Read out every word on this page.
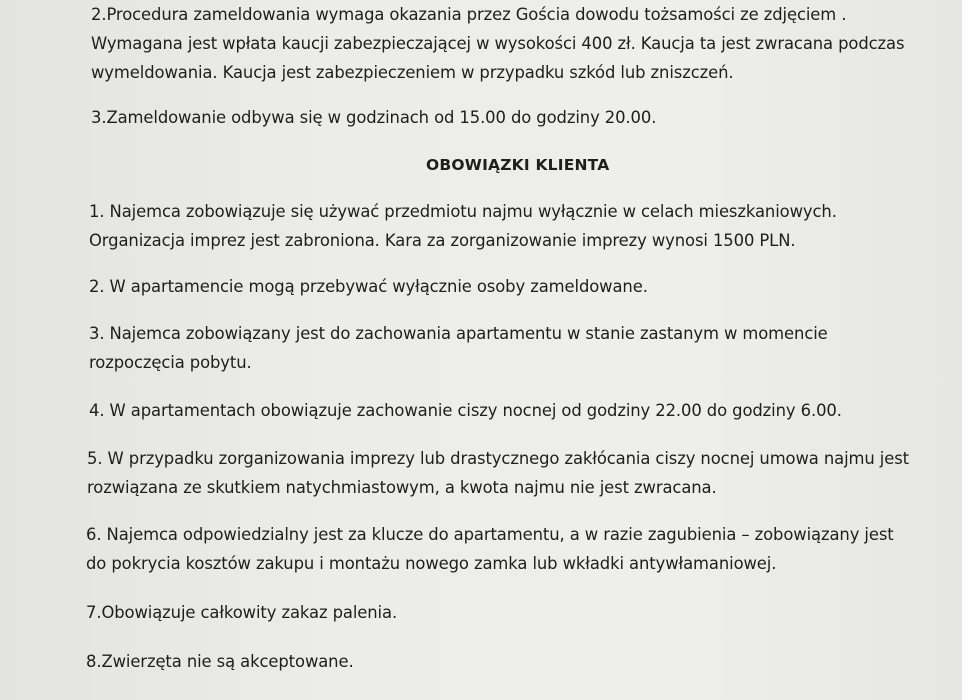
2.Procedura zameldowania wymaga okazania przez Gościa dowodu tożsamości ze zdjęciem .
Wymagana jest wpłata kaucji zabezpieczającej w wysokości 400 zł. Kaucja ta jest zwracana podczas
wymeldowania. Kaucja jest zabezpieczeniem w przypadku szkód lub zniszczeń.
3.Zameldowanie odbywa się w godzinach od 15.00 do godziny 20.00.
OBOWIĄZKI KLIENTA
1. Najemca zobowiązuje się używać przedmiotu najmu wyłącznie w celach mieszkaniowych.
Organizacja imprez jest zabroniona. Kara za zorganizowanie imprezy wynosi 1500 PLN.
2. W apartamencie mogą przebywać wyłącznie osoby zameldowane.
3. Najemca zobowiązany jest do zachowania apartamentu w stanie zastanym w momencie
rozpoczęcia pobytu.
4. W apartamentach obowiązuje zachowanie ciszy nocnej od godziny 22.00 do godziny 6.00.
5. W przypadku zorganizowania imprezy lub drastycznego zakłócania ciszy nocnej umowa najmu jest
rozwiązana ze skutkiem natychmiastowym, a kwota najmu nie jest zwracana.
6. Najemca odpowiedzialny jest za klucze do apartamentu, a w razie zagubienia – zobowiązany jest
do pokrycia kosztów zakupu i montażu nowego zamka lub wkładki antywłamaniowej.
7.Obowiązuje całkowity zakaz palenia.
8.Zwierzęta nie są akceptowane.
